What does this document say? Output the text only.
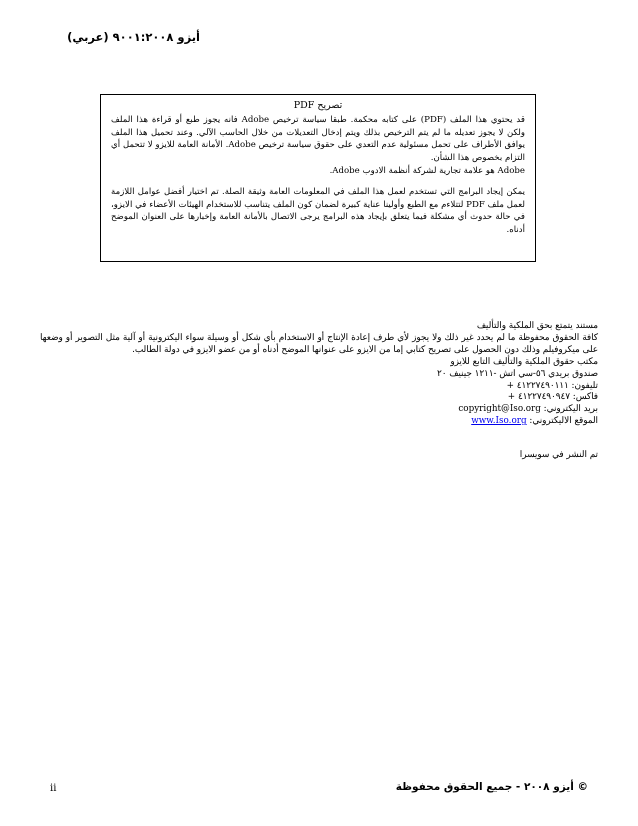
أيزو ٩٠٠١:٢٠٠٨ (عربي)
تصريح PDF

قد يحتوي هذا الملف (PDF) على كتابه محكمة. طبقا سياسة ترخيص Adobe فانه يجوز طبع أو قراءة هذا الملف ولكن لا يجوز تعديله ما لم يتم الترخيص بذلك ويتم إدخال التعديلات من خلال الحاسب الآلي. وعند تحميل هذا الملف يوافق الأطراف على تحمل مسئولية عدم التعدي على حقوق سياسة ترخيص Adobe. الأمانة العامة للايزو لا تتحمل أي التزام بخصوص هذا الشأن.

Adobe هو علامة تجارية لشركة أنظمة الادوب Adobe.

يمكن إيجاد البرامج التي تستخدم لعمل هذا الملف في المعلومات العامة وثيقة الصلة. تم اختيار أفضل عوامل اللازمة لعمل ملف PDF لتتلاءم مع الطبع وأولينا عناية كبيرة لضمان كون الملف يتناسب للاستخدام الهيئات الأعضاء في الايزو، في حالة حدوث أي مشكلة فيما يتعلق بإيجاد هذه البرامج يرجى الاتصال بالأمانة العامة وإخبارها على العنوان الموضح أدناه.

مستند يتمتع بحق الملكية والتأليف

كافة الحقوق محفوظة ما لم يحدد غير ذلك ولا يجوز لأي طرف إعادة الإنتاج أو الاستخدام بأي شكل أو وسيلة سواء اليكترونية أو آلية مثل التصوير أو وضعها على ميكروفيلم وذلك دون الحصول على تصريح كتابي إما من الايزو على عنوانها الموضح أدناه أو من عضو الايزو في دولة الطالب.

مكتب حقوق الملكية والتأليف التابع للايزو
صندوق بريدي ٥٦-سي اتش -١٢١١ جينيف ٢٠
تليفون: ٤١٢٢٧٤٩٠١١١ +
فاكس: ٤١٢٢٧٤٩٠٩٤٧ +
بريد اليكتروني: copyright@Iso.org
الموقع الاليكتروني: www.Iso.org
تم النشر في سويسرا
ii	© أيزو ٢٠٠٨ - جميع الحقوق محفوظة
